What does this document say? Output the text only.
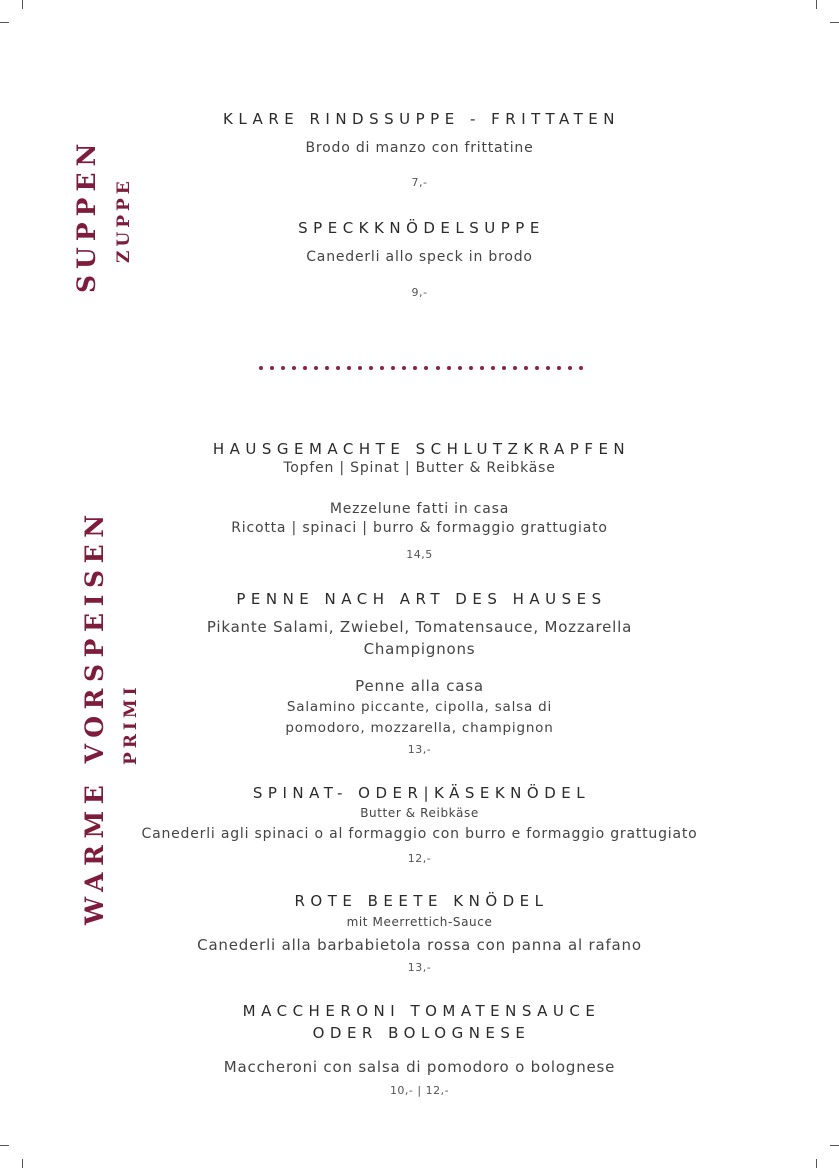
SUPPEN ZUPPE
WARME VORSPEISEN PRIMI
KLARE RINDSSUPPE - FRITTATEN
Brodo di manzo con frittatine
7,-
SPECKKNÖDELSUPPE
Canederli allo speck in brodo
9,-
HAUSGEMACHTE SCHLUTZKRAPFEN
Topfen | Spinat | Butter & Reibkäse
Mezzelune fatti in casa
Ricotta | spinaci | burro & formaggio grattugiato
14,5
PENNE NACH ART DES HAUSES
Pikante Salami, Zwiebel, Tomatensauce, Mozzarella
Champignons
Penne alla casa
Salamino piccante, cipolla, salsa di
pomodoro, mozzarella, champignon
13,-
SPINAT- ODER|KÄSEKNÖDEL
Butter & Reibkäse
Canederli agli spinaci o al formaggio con burro e formaggio grattugiato
12,-
ROTE BEETE KNÖDEL
mit Meerrettich-Sauce
Canederli alla barbabietola rossa con panna al rafano
13,-
MACCHERONI TOMATENSAUCE
ODER BOLOGNESE
Maccheroni con salsa di pomodoro o bolognese
10,- | 12,-
